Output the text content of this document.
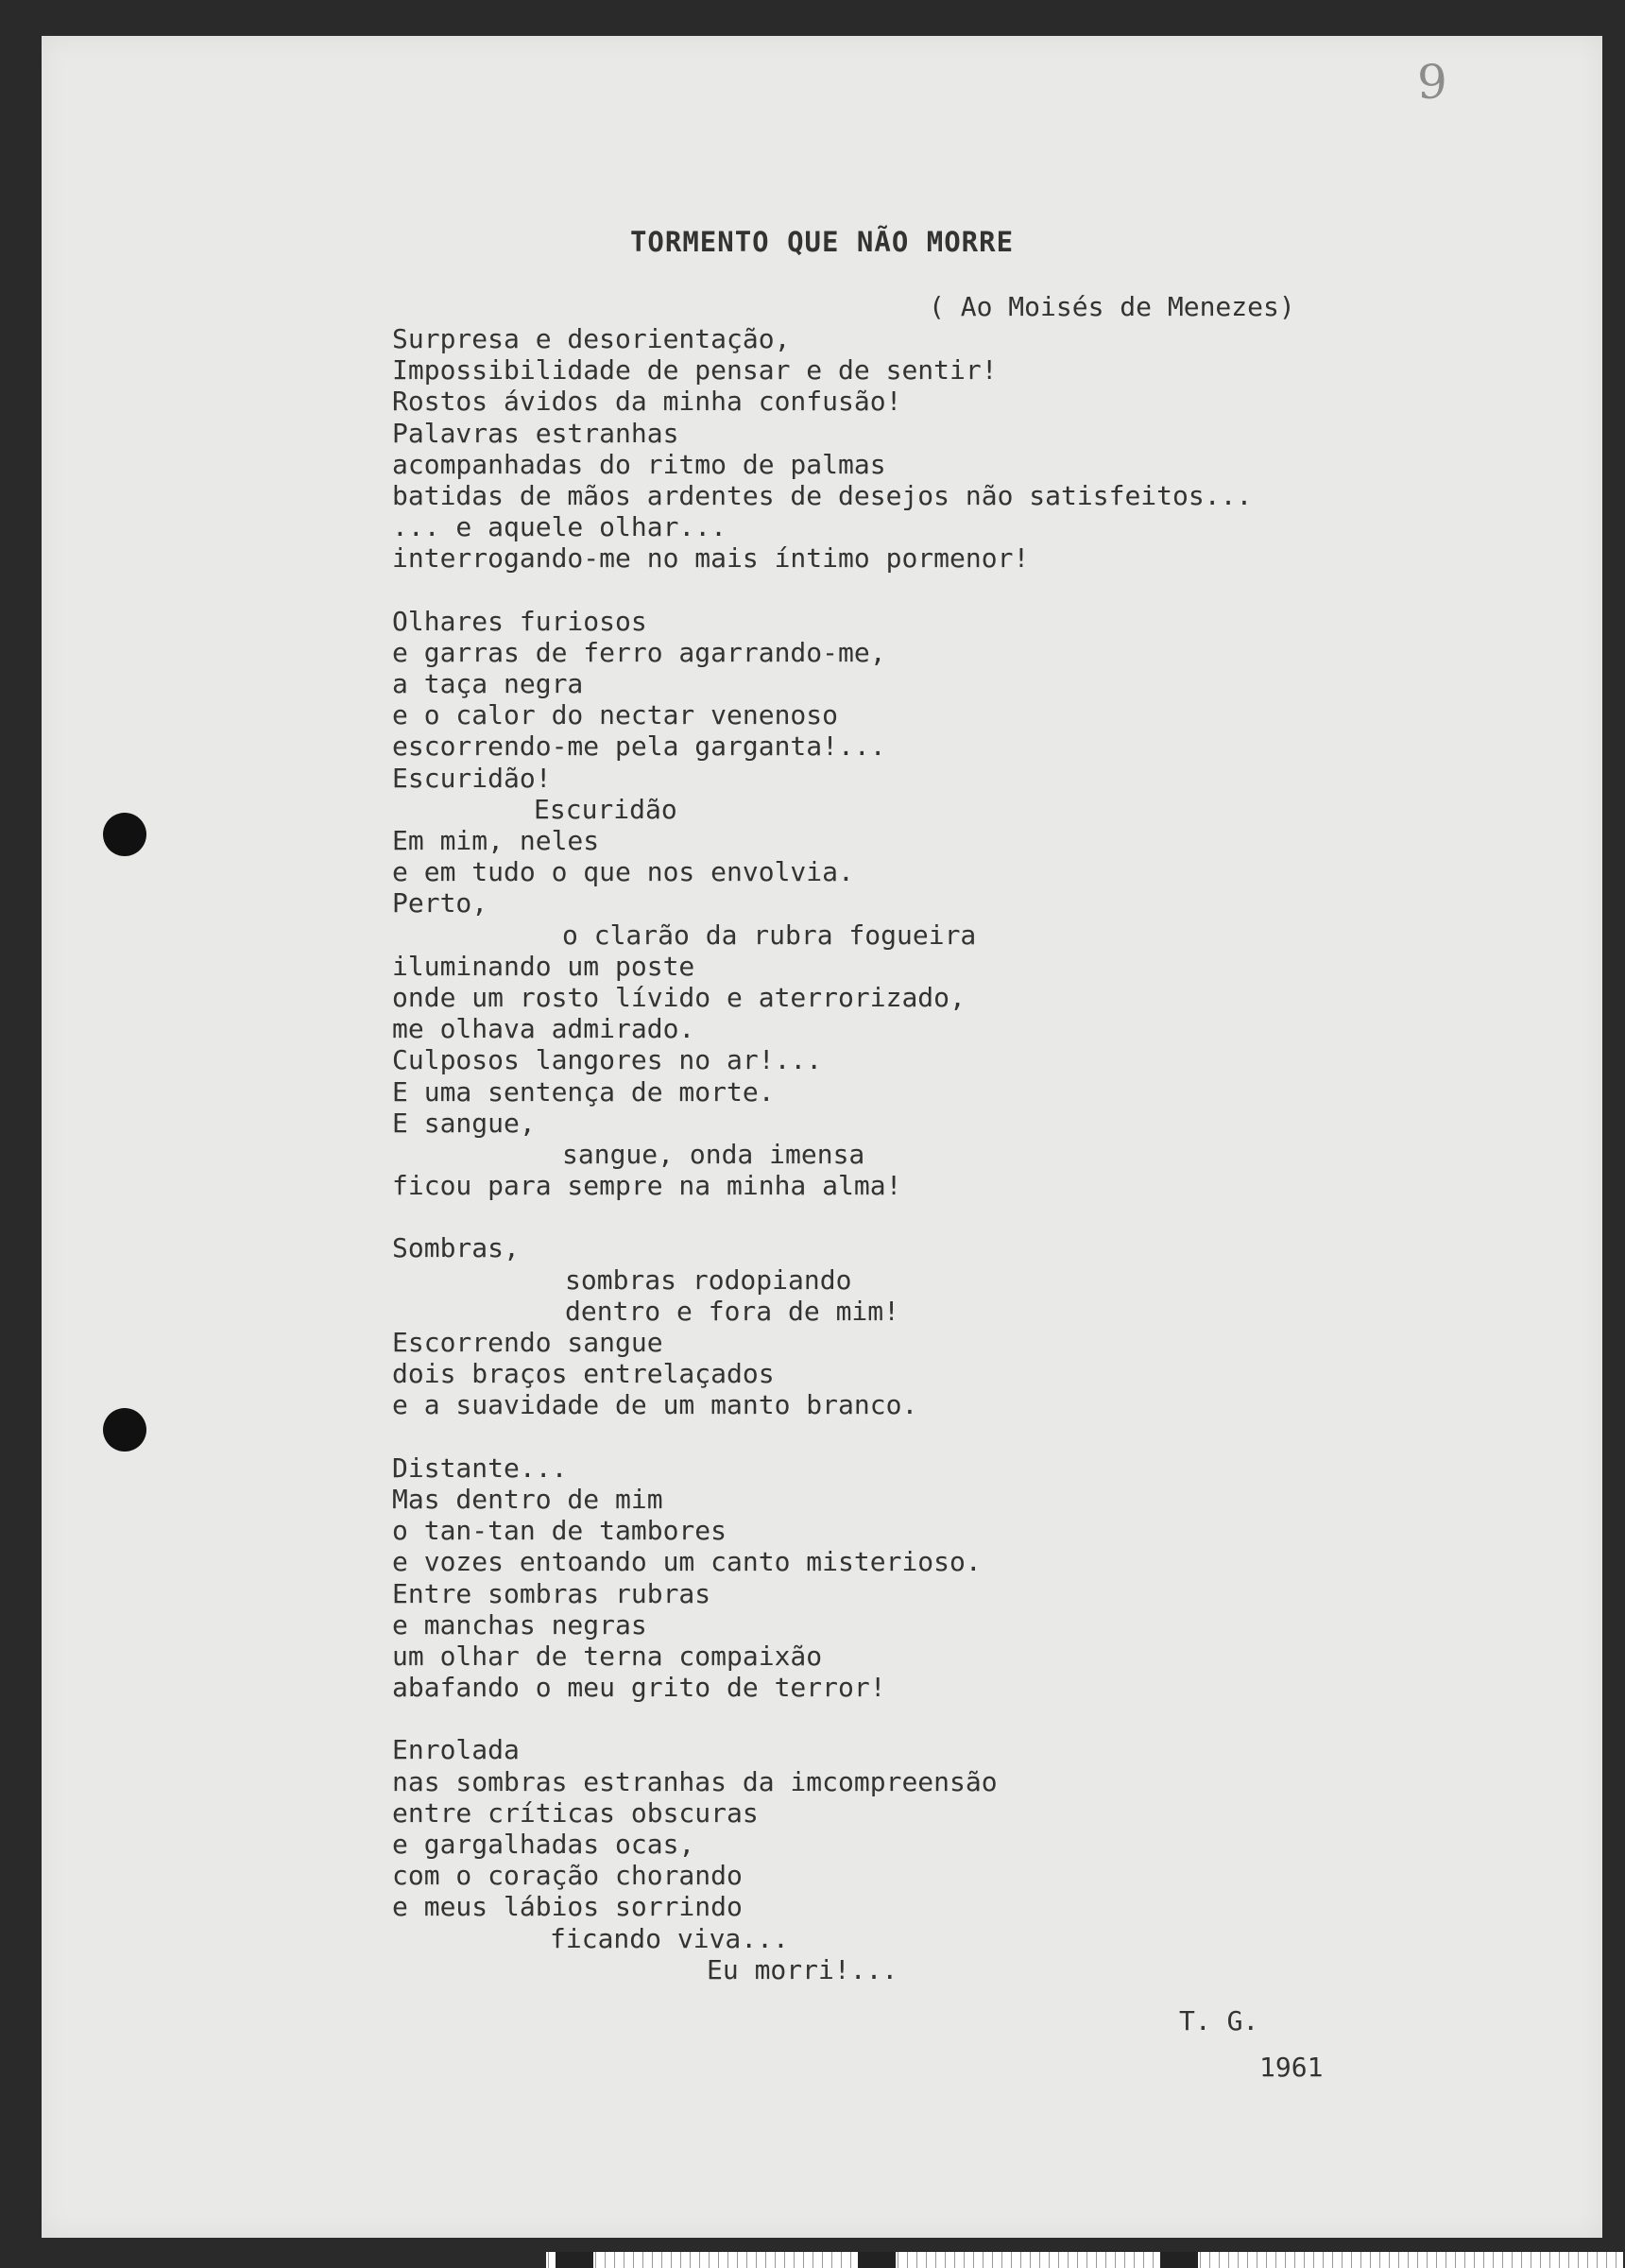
9
TORMENTO QUE NÃO MORRE
( Ao Moisés de Menezes)
Surpresa e desorientação,
Impossibilidade de pensar e de sentir!
Rostos ávidos da minha confusão!
Palavras estranhas
acompanhadas do ritmo de palmas
batidas de mãos ardentes de desejos não satisfeitos...
... e aquele olhar...
interrogando-me no mais íntimo pormenor!
Olhares furiosos
e garras de ferro agarrando-me,
a taça negra
e o calor do nectar venenoso
escorrendo-me pela garganta!...
Escuridão!
Escuridão
Em mim, neles
e em tudo o que nos envolvia.
Perto,
o clarão da rubra fogueira
iluminando um poste
onde um rosto lívido e aterrorizado,
me olhava admirado.
Culposos langores no ar!...
E uma sentença de morte.
E sangue,
sangue, onda imensa
ficou para sempre na minha alma!
Sombras,
sombras rodopiando
dentro e fora de mim!
Escorrendo sangue
dois braços entrelaçados
e a suavidade de um manto branco.
Distante...
Mas dentro de mim
o tan-tan de tambores
e vozes entoando um canto misterioso.
Entre sombras rubras
e manchas negras
um olhar de terna compaixão
abafando o meu grito de terror!
Enrolada
nas sombras estranhas da imcompreensão
entre críticas obscuras
e gargalhadas ocas,
com o coração chorando
e meus lábios sorrindo
ficando viva...
Eu morri!...
T. G.
1961
